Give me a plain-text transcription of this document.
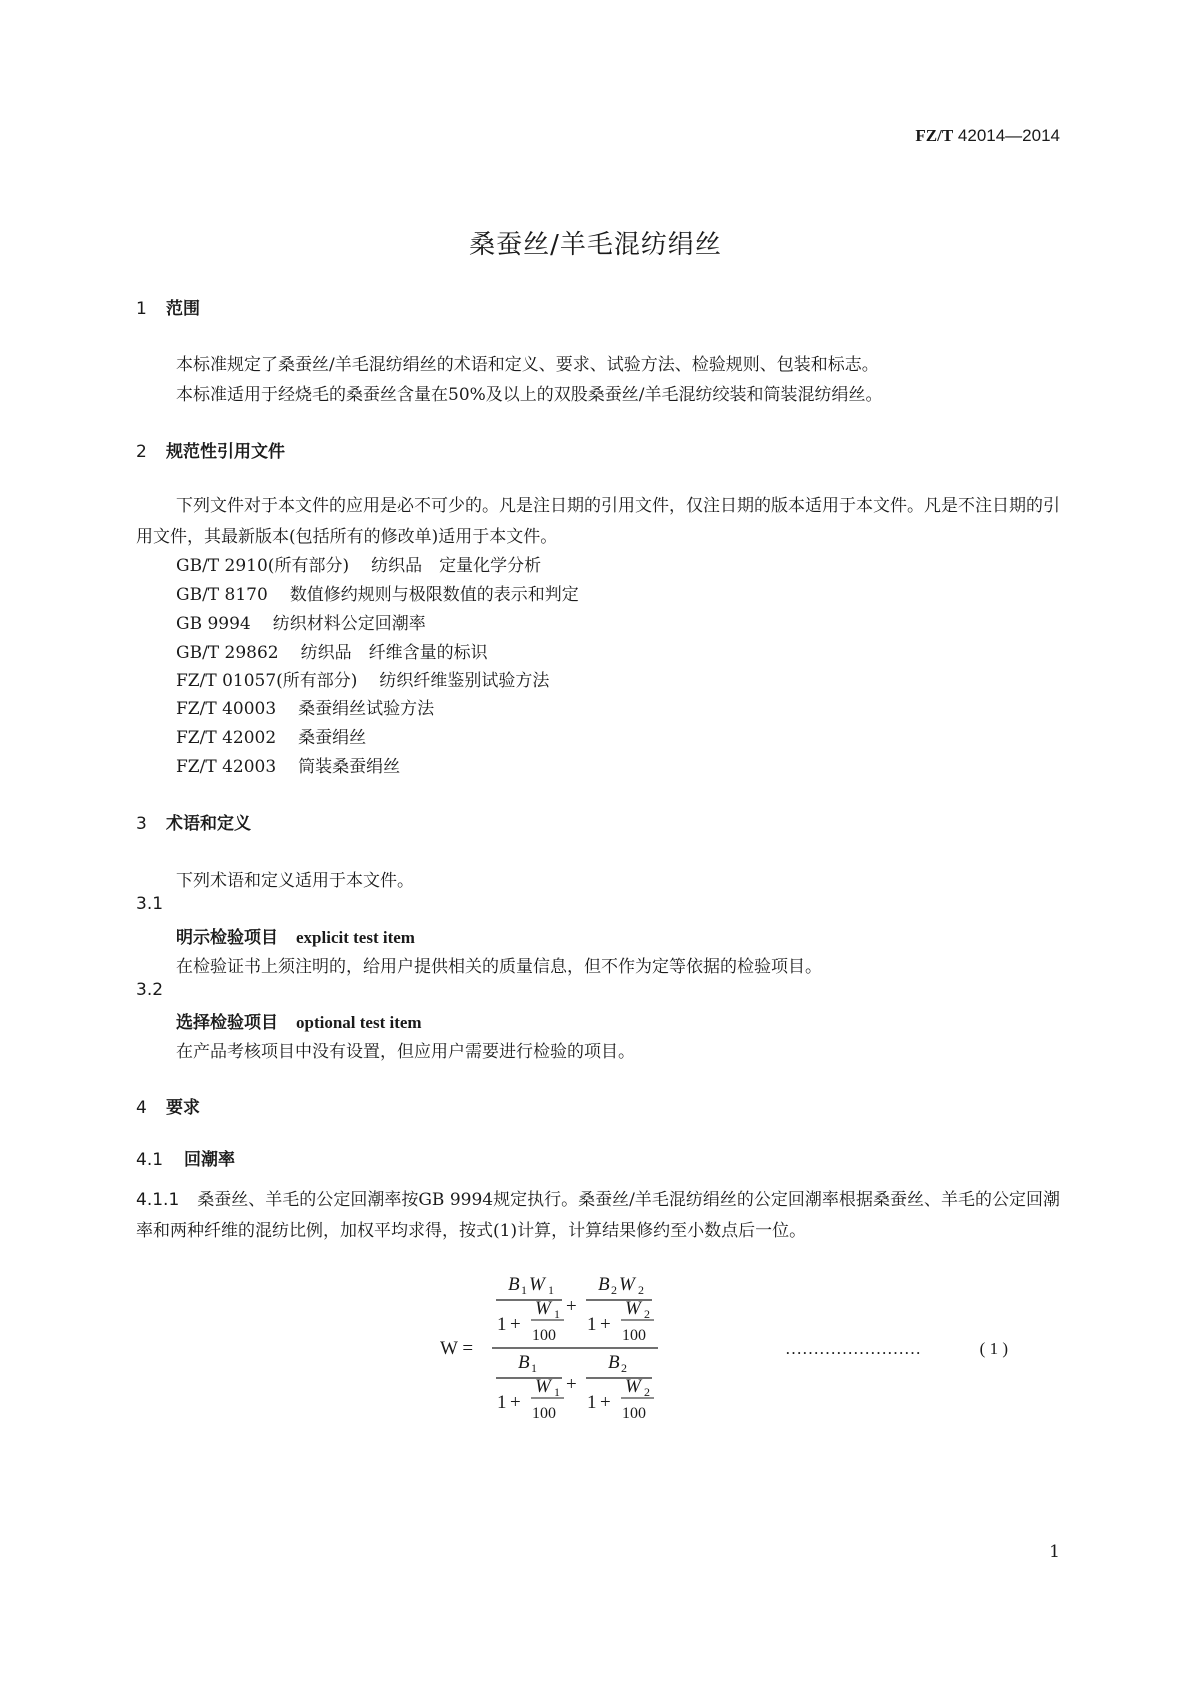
FZ/T 42014—2014
桑蚕丝/羊毛混纺绢丝
1 范围
本标准规定了桑蚕丝/羊毛混纺绢丝的术语和定义、要求、试验方法、检验规则、包装和标志。
本标准适用于经烧毛的桑蚕丝含量在50%及以上的双股桑蚕丝/羊毛混纺绞装和筒装混纺绢丝。
2 规范性引用文件
下列文件对于本文件的应用是必不可少的。凡是注日期的引用文件，仅注日期的版本适用于本文件。凡是不注日期的引用文件，其最新版本(包括所有的修改单)适用于本文件。
GB/T 2910(所有部分) 纺织品　定量化学分析
GB/T 8170 数值修约规则与极限数值的表示和判定
GB 9994 纺织材料公定回潮率
GB/T 29862 纺织品　纤维含量的标识
FZ/T 01057(所有部分) 纺织纤维鉴别试验方法
FZ/T 40003 桑蚕绢丝试验方法
FZ/T 42002 桑蚕绢丝
FZ/T 42003 筒装桑蚕绢丝
3 术语和定义
下列术语和定义适用于本文件。
3.1
明示检验项目 explicit test item
在检验证书上须注明的，给用户提供相关的质量信息，但不作为定等依据的检验项目。
3.2
选择检验项目 optional test item
在产品考核项目中没有设置，但应用户需要进行检验的项目。
4 要求
4.1 回潮率
4.1.1 桑蚕丝、羊毛的公定回潮率按GB 9994规定执行。桑蚕丝/羊毛混纺绢丝的公定回潮率根据桑蚕丝、羊毛的公定回潮率和两种纤维的混纺比例，加权平均求得，按式(1)计算，计算结果修约至小数点后一位。
W =
B 1 W 1
1 +
W 1
100
+
B 2 W 2
1 +
W 2
100
B 1
1 +
W 1
100
+
B 2
1 +
W 2
100
……………………	( 1 )
1
